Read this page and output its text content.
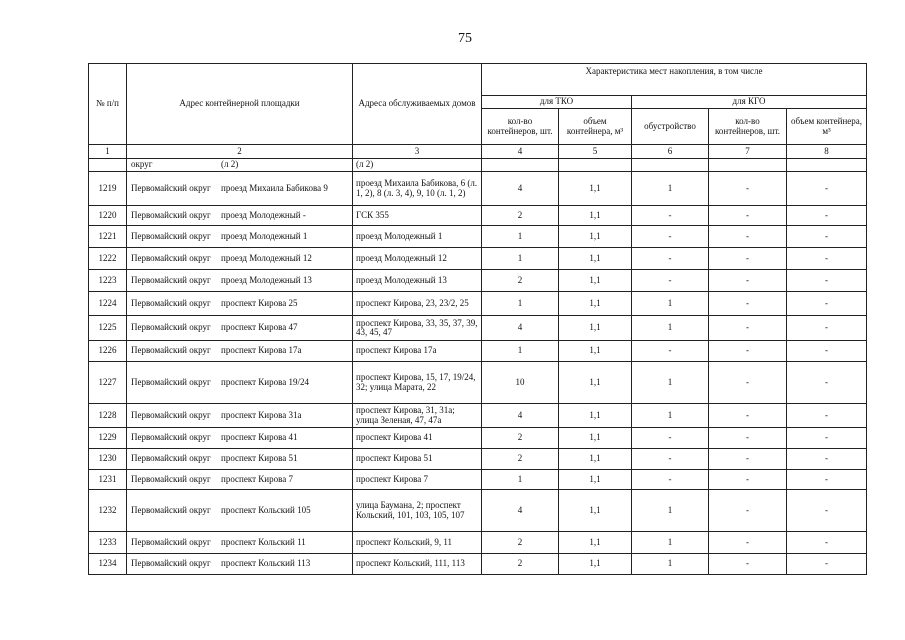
75
№ п/п	Адрес контейнерной площадки	Адреса обслуживаемых домов	Характеристика мест накопления, в том числе				
			для ТКО		для КГО		
			кол-во контейнеров, шт.	объем контейнера, м³	обустройство	кол-во контейнеров, шт.	объем контейнера, м³
1	2	3	4	5	6	7	8

	округ (л 2)	(л 2)					
1219	Первомайский округ проезд Михаила Бабикова 9	проезд Михаила Бабикова, 6 (л. 1, 2), 8 (л. 3, 4), 9, 10 (л. 1, 2)	4	1,1	1	-	-
1220	Первомайский округ проезд Молодежный -	ГСК 355	2	1,1	-	-	-
1221	Первомайский округ проезд Молодежный 1	проезд Молодежный 1	1	1,1	-	-	-
1222	Первомайский округ проезд Молодежный 12	проезд Молодежный 12	1	1,1	-	-	-
1223	Первомайский округ проезд Молодежный 13	проезд Молодежный 13	2	1,1	-	-	-
1224	Первомайский округ проспект Кирова 25	проспект Кирова, 23, 23/2, 25	1	1,1	1	-	-
1225	Первомайский округ проспект Кирова 47	проспект Кирова, 33, 35, 37, 39, 43, 45, 47	4	1,1	1	-	-
1226	Первомайский округ проспект Кирова 17а	проспект Кирова 17а	1	1,1	-	-	-
1227	Первомайский округ проспект Кирова 19/24	проспект Кирова, 15, 17, 19/24, 32; улица Марата, 22	10	1,1	1	-	-
1228	Первомайский округ проспект Кирова 31а	проспект Кирова, 31, 31а; улица Зеленая, 47, 47а	4	1,1	1	-	-
1229	Первомайский округ проспект Кирова 41	проспект Кирова 41	2	1,1	-	-	-
1230	Первомайский округ проспект Кирова 51	проспект Кирова 51	2	1,1	-	-	-
1231	Первомайский округ проспект Кирова 7	проспект Кирова 7	1	1,1	-	-	-
1232	Первомайский округ проспект Кольский 105	улица Баумана, 2; проспект Кольский, 101, 103, 105, 107	4	1,1	1	-	-
1233	Первомайский округ проспект Кольский 11	проспект Кольский, 9, 11	2	1,1	1	-	-
1234	Первомайский округ проспект Кольский 113	проспект Кольский, 111, 113	2	1,1	1	-	-
